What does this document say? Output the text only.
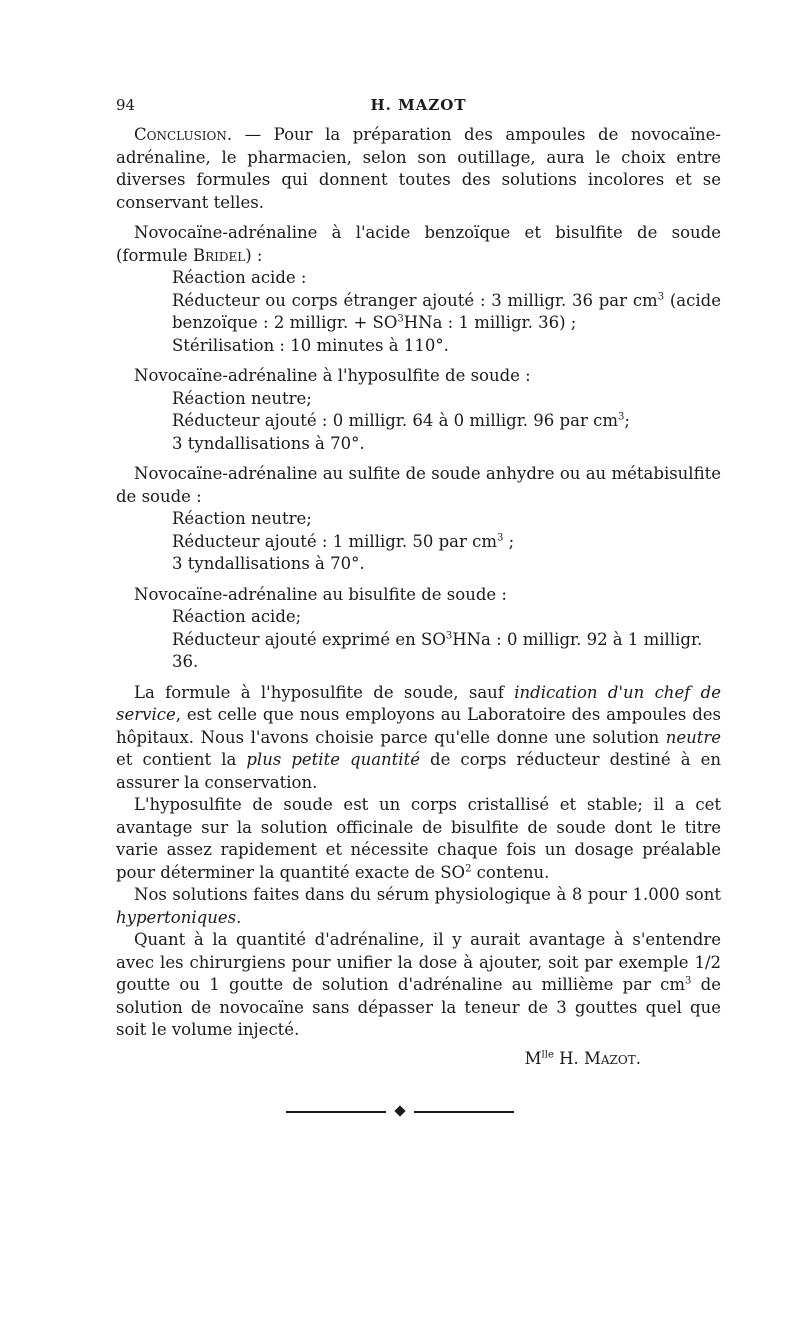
94	H. MAZOT

Conclusion. — Pour la préparation des ampoules de novocaïne-adrénaline, le pharmacien, selon son outillage, aura le choix entre diverses formules qui donnent toutes des solutions incolores et se conservant telles.

Novocaïne-adrénaline à l'acide benzoïque et bisulfite de soude (formule Bridel) :

Réaction acide :

Réducteur ou corps étranger ajouté : 3 milligr. 36 par $cm^3$ (acide benzoïque : 2 milligr. + $SO^3HNa$ : 1 milligr. 36) ;

Stérilisation : 10 minutes à 110°.

Novocaïne-adrénaline à l'hyposulfite de soude :

Réaction neutre;

Réducteur ajouté : 0 milligr. 64 à 0 milligr. 96 par $cm^3$;

3 tyndallisations à 70°.

Novocaïne-adrénaline au sulfite de soude anhydre ou au métabisulfite de soude :

Réaction neutre;

Réducteur ajouté : 1 milligr. 50 par $cm^3$ ;

3 tyndallisations à 70°.

Novocaïne-adrénaline au bisulfite de soude :

Réaction acide;

Réducteur ajouté exprimé en $SO^3HNa$ : 0 milligr. 92 à 1 milligr. 36.

La formule à l'hyposulfite de soude, sauf indication d'un chef de service, est celle que nous employons au Laboratoire des ampoules des hôpitaux. Nous l'avons choisie parce qu'elle donne une solution neutre et contient la plus petite quantité de corps réducteur destiné à en assurer la conservation.

L'hyposulfite de soude est un corps cristallisé et stable; il a cet avantage sur la solution officinale de bisulfite de soude dont le titre varie assez rapidement et nécessite chaque fois un dosage préalable pour déterminer la quantité exacte de $SO^2$ contenu.

Nos solutions faites dans du sérum physiologique à 8 pour 1.000 sont hypertoniques.

Quant à la quantité d'adrénaline, il y aurait avantage à s'entendre avec les chirurgiens pour unifier la dose à ajouter, soit par exemple 1/2 goutte ou 1 goutte de solution d'adrénaline au millième par $cm^3$ de solution de novocaïne sans dépasser la teneur de 3 gouttes quel que soit le volume injecté.

$M^{lle}$ H. Mazot.
